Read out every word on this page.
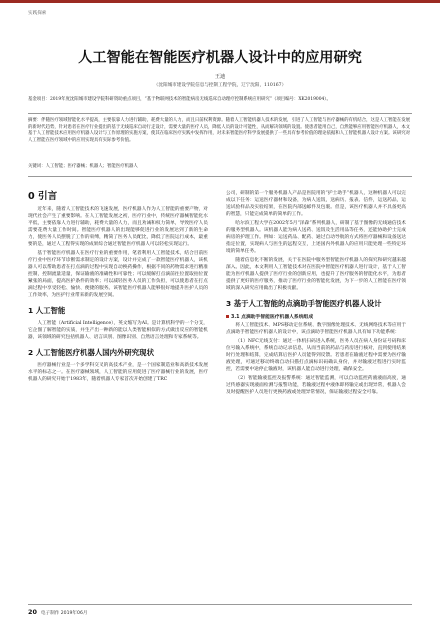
实践探索
人工智能在智能医疗机器人设计中的应用研究
王迪
（沈阳城市建设学院信息与控制工程学院，辽宁沈阳，110167）

基金项目：2019年度沈阳城市建设学院科研资助重点项目，“基于物联网技术的智能病房无线巡床自动理疗控制系统应用研究”（项目编号：XK2019004）。

摘要：伴随医疗领域智能化水平提高，主要依靠人力进行辅助，耗费大量的人力，而且日前权利资源。随着人工智能机器人技术的发展，引进了人工智能与医疗器械的有机结合，这是人工智能在发展的新时代趋势，针对患者在医疗行业提出的基于无线巡床自动行走设计，需要大量的医疗人员，降低人员的设计可能性，从而解决领域的设置。使患者能用自己，自然能够应用智能医疗机器人，本文基于人工智能技术应用医疗机器人设计与工作原理的实施方案，使其在临床医疗实践中发挥作用，对未来智能医疗科学发展提供了一些具有参考价值的理论依据和人工智能机器人设计方案。该研究对人工智能在医疗领域中的应用实现具有实际参考价值。

关键词：人工智能；医疗器械；机器人；智能医疗机器人

0 引言

近年来，随着人工智能技术的飞速发展，医疗机器人作为人工智能的重要产物，对现代社会产生了重要影响。在人工智能发展之初，医疗行业中，传统医疗器械智能化水平低，主要依靠人力进行辅助，耗费大量的人力，而且劝诫和权力简单，导致医疗人员需要花费大量工作时间。智能医疗机器人的出现能够促进行业的发展达到了新的生命力，使医务人员摆脱了工作的束缚，精简了医务人员配比，降低了医院运行成本，最重要的是，通过人工程得实现的成果综合通过智能医疗机器人可以轻松实现运行。

基于智能医疗机器人在医疗行业的重要作用，笔者利用人工智能技术，结合目前医疗行业中医疗环节诊断需求制定的设计方案，设计并完成了一款智能医疗机器人，该机器人可以帮助患者在打点滴的过程中实现自动换药操作，根据不同的药物需求进行精准控制，控制流量适量，保证输液的准确性和可靠性；可以缓解打点滴前往位置取拍位置紧张的局面，提高医护条件的效率；可以减轻医务人员的工作负担，可以使患者在打点滴过程中享受轻松、愉快、便捷的服务。该智能医疗机器人能够很好地提升医护人员的工作效率，为医护行业带来新的发展空间。

1 人工智能

人工智能（Artificial Intelligence），英文缩写为AI。是计算机科学的一个分支，它企图了解智能的实质，并生产出一种新的能以人类智能相似的方式做出反应的智能机器，该领域的研究包括机器人、语言识别、图像识别、自然语言处理和专家系统等。

2 人工智能医疗机器人国内外研究现状

医疗器械行业是一个多学科交叉的高技术产业，是一个国家制造业和高新技术发展水平的标志之一。在医疗器械领域，人工智能的应用促进了医疗器械行业的发展，医疗机器人的研究开始于1983年，随着机器人专家首次开始创建了TRC

公司，研制的第一个服务机器人产品是医院用的“护士助手”机器人，这种机器人可以完成以下任务：运送医疗器材和设备，为病人送饭，送病历、报表、信件，运送药品，运送试验样品及实验结果，在医院内部送邮件及包裹。但是，该医疗机器人并不具备更高的智慧，只能完成简单的简单的工作。

哈尔滨工程大学在2002年5月“泽森”系列机器人，研制了基于图像的无线通信技术的服务型机器人。该机器人能为病人送药、送饭及生活用品等任务，还能协助护士完成病房的护理工作。例如：运送药品、配药、通过自动导航的方式将医疗器械和设备送达指定位置，实现病人与医生的远程交互，上述国内外机器人的应用只能处理一些特定环境的简单任务。

随着信息化不断的发展，关于在医院中服务型智能医疗机器人的探究和研究越来越深入。因此，本文利用人工智能技术对在医院中智能医疗机器人进行设计，基于人工智能为医疗机器人提供了医疗行业的创新应用，也提升了医疗服务的智能化水平，为患者提供了更好的医疗服务，推动了医疗行业的智能化发展，为下一步的人工智能在医疗领域的深入研究应用做出了积极贡献。

3 基于人工智能的点滴助手智能医疗机器人设计
3.1 点滴助手智能医疗机器人系统组成

将人工智能技术、MPS移动定位系统、数字图像处理技术、无线网络技术等应用于点滴助手智能医疗机器人的设计中，该点滴助手智能医疗机器人具有如下功能系统：

（1）NFC无线支付：通过一体机扫码进入系统，医务人员在病人身份证号码和床位号输入系统中，系统自动记录信息，从而当前的药品与药房进行核对，直到使用结果时行处理和结算，完成结算后医护人员能得到反馈。若患者在输液过程中需要为医疗输液处理，可通过移动终端自动扫描打点滴标识码确认身份，并对输液过程进行实时监控，若需要中途停止输液时，该机器人能自动进行处理，确保安全。

（2）智能输液监控及报警系统：通过智能监测，可以自动监控药液液面高度，通过传感器实现液面检测与报警功能，若输液过程中液体即将输完或出现异常，机器人会及时提醒医护人员进行更换药液或处理异常情况，保证输液过程安全可靠。

20 电子制作 2019年06月
